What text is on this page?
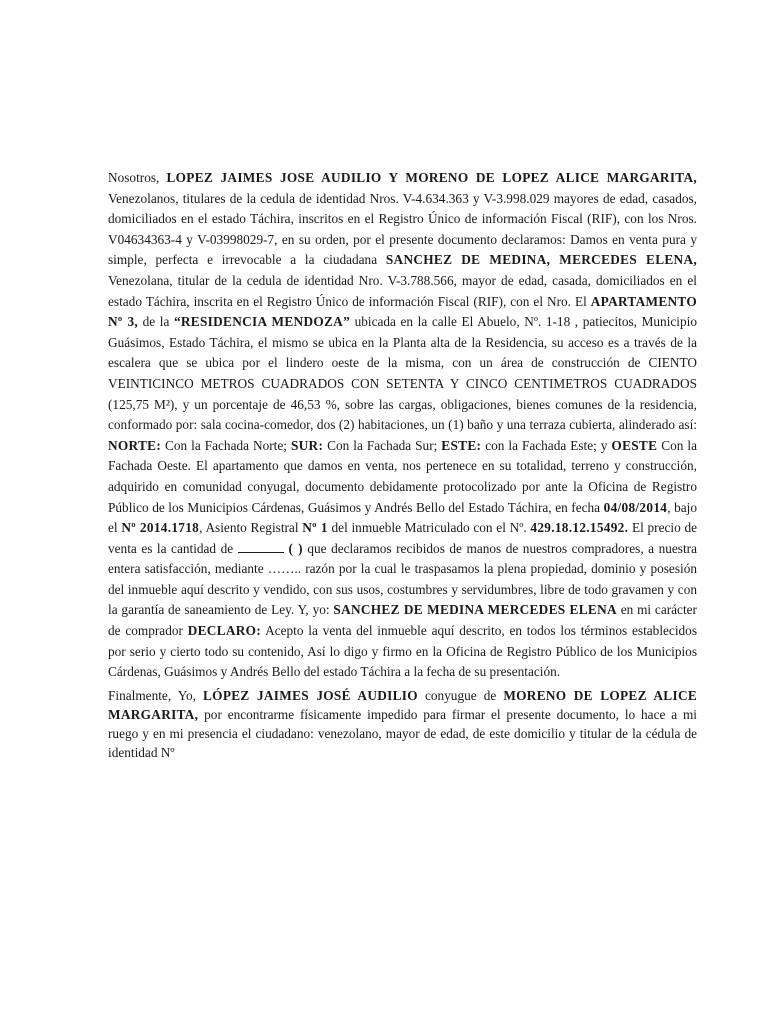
Nosotros, LOPEZ JAIMES JOSE AUDILIO Y MORENO DE LOPEZ ALICE MARGARITA, Venezolanos, titulares de la cedula de identidad Nros. V-4.634.363 y V-3.998.029 mayores de edad, casados, domiciliados en el estado Táchira, inscritos en el Registro Único de información Fiscal (RIF), con los Nros. V04634363-4 y V-03998029-7, en su orden, por el presente documento declaramos: Damos en venta pura y simple, perfecta e irrevocable a la ciudadana SANCHEZ DE MEDINA, MERCEDES ELENA, Venezolana, titular de la cedula de identidad Nro. V-3.788.566, mayor de edad, casada, domiciliados en el estado Táchira, inscrita en el Registro Único de información Fiscal (RIF), con el Nro. El APARTAMENTO Nº 3, de la “RESIDENCIA MENDOZA” ubicada en la calle El Abuelo, Nº. 1-18 , patiecitos, Municipio Guásimos, Estado Táchira, el mismo se ubica en la Planta alta de la Residencia, su acceso es a través de la escalera que se ubica por el lindero oeste de la misma, con un área de construcción de CIENTO VEINTICINCO METROS CUADRADOS CON SETENTA Y CINCO CENTIMETROS CUADRADOS (125,75 M²), y un porcentaje de 46,53 %, sobre las cargas, obligaciones, bienes comunes de la residencia, conformado por: sala cocina-comedor, dos (2) habitaciones, un (1) baño y una terraza cubierta, alinderado así: NORTE: Con la Fachada Norte; SUR: Con la Fachada Sur; ESTE: con la Fachada Este; y OESTE Con la Fachada Oeste. El apartamento que damos en venta, nos pertenece en su totalidad, terreno y construcción, adquirido en comunidad conyugal, documento debidamente protocolizado por ante la Oficina de Registro Público de los Municipios Cárdenas, Guásimos y Andrés Bello del Estado Táchira, en fecha 04/08/2014, bajo el Nº 2014.1718, Asiento Registral Nº 1 del inmueble Matriculado con el Nº. 429.18.12.15492. El precio de venta es la cantidad de	( ) que declaramos recibidos de manos de nuestros compradores, a nuestra entera satisfacción, mediante …….. razón por la cual le traspasamos la plena propiedad, dominio y posesión del inmueble aquí descrito y vendido, con sus usos, costumbres y servidumbres, libre de todo gravamen y con la garantía de saneamiento de Ley. Y, yo: SANCHEZ DE MEDINA MERCEDES ELENA en mi carácter de comprador DECLARO: Acepto la venta del inmueble aquí descrito, en todos los términos establecidos por serio y cierto todo su contenido, Así lo digo y firmo en la Oficina de Registro Público de los Municipios Cárdenas, Guásimos y Andrés Bello del estado Táchira a la fecha de su presentación.

Finalmente, Yo, LÓPEZ JAIMES JOSÉ AUDILIO conyugue de MORENO DE LOPEZ ALICE MARGARITA, por encontrarme físicamente impedido para firmar el presente documento, lo hace a mi ruego y en mi presencia el ciudadano: venezolano, mayor de edad, de este domicilio y titular de la cédula de identidad Nº
